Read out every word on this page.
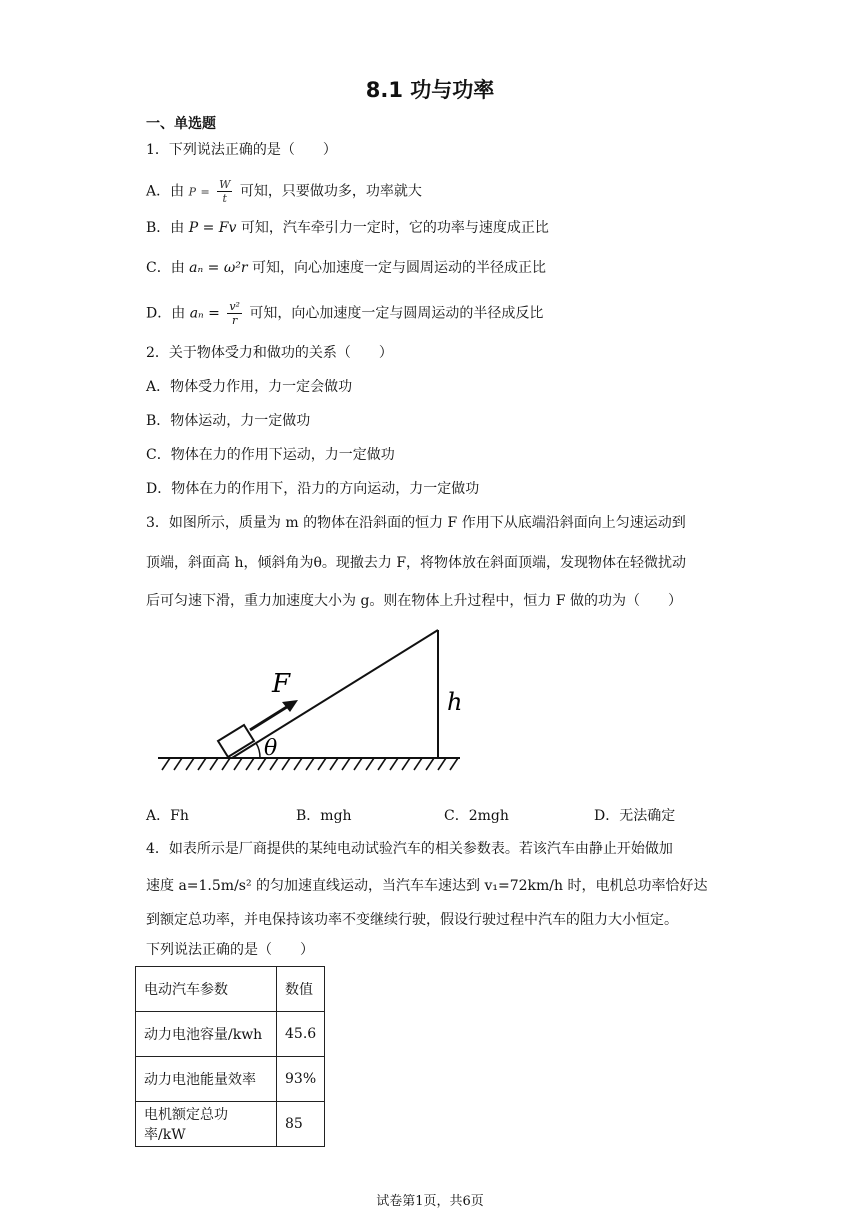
8.1 功与功率
一、单选题
1．下列说法正确的是（　　）
A．由 $P = \frac{W}{t}$ 可知，只要做功多，功率就大
B．由 P = Fv 可知，汽车牵引力一定时，它的功率与速度成正比
C．由 aₙ = ω²r 可知，向心加速度一定与圆周运动的半径成正比
D．由 $a_n = \frac{\text{v²}}{r}$ 可知，向心加速度一定与圆周运动的半径成反比
2．关于物体受力和做功的关系（　　）
A．物体受力作用，力一定会做功
B．物体运动，力一定做功
C．物体在力的作用下运动，力一定做功
D．物体在力的作用下，沿力的方向运动，力一定做功
3．如图所示，质量为 m 的物体在沿斜面的恒力 F 作用下从底端沿斜面向上匀速运动到
顶端，斜面高 h，倾斜角为θ。现撤去力 F，将物体放在斜面顶端，发现物体在轻微扰动
后可匀速下滑，重力加速度大小为 g。则在物体上升过程中，恒力 F 做的功为（　　）
F
h
θ
A．Fh	B．mgh	C．2mgh	D．无法确定
4．如表所示是厂商提供的某纯电动试验汽车的相关参数表。若该汽车由静止开始做加
速度 a=1.5m/s² 的匀加速直线运动，当汽车车速达到 v₁=72km/h 时，电机总功率恰好达
到额定总功率，并电保持该功率不变继续行驶，假设行驶过程中汽车的阻力大小恒定。
下列说法正确的是（　　）
电动汽车参数	数值
动力电池容量/kwh	45.6
动力电池能量效率	93%
电机额定总功率/kW	85
试卷第1页，共6页
